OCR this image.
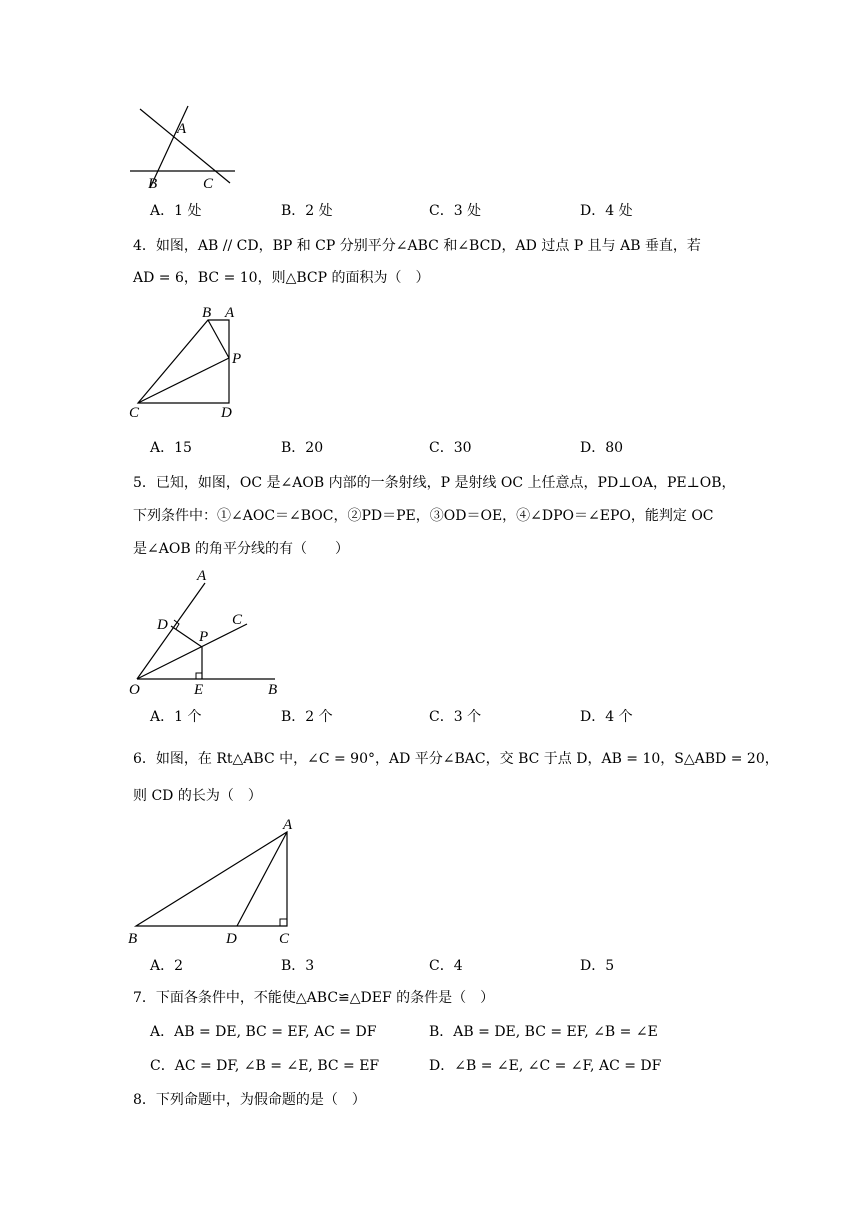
A
B	C
A．1 处	B．2 处	C．3 处	D．4 处
4．如图，AB // CD，BP 和 CP 分别平分∠ABC 和∠BCD，AD 过点 P 且与 AB 垂直，若
AD = 6，BC = 10，则△BCP 的面积为（　）
B A
P
C	D
A．15	B．20	C．30	D．80
5．已知，如图，OC 是∠AOB 内部的一条射线，P 是射线 OC 上任意点，PD⊥OA，PE⊥OB，
下列条件中：①∠AOC＝∠BOC，②PD＝PE，③OD＝OE，④∠DPO＝∠EPO，能判定 OC
是∠AOB 的角平分线的有（　　）
A
C
D
P
O	E	B
A．1 个	B．2 个	C．3 个	D．4 个
6．如图，在 Rt△ABC 中，∠C = 90°，AD 平分∠BAC，交 BC 于点 D，AB = 10，S△ABD = 20，
则 CD 的长为（　）
A
B	D	C
A．2	B．3	C．4	D．5
7．下面各条件中，不能使△ABC≌△DEF 的条件是（　）
A．AB = DE, BC = EF, AC = DF	B．AB = DE, BC = EF, ∠B = ∠E
C．AC = DF, ∠B = ∠E, BC = EF	D．∠B = ∠E, ∠C = ∠F, AC = DF
8．下列命题中，为假命题的是（　）
